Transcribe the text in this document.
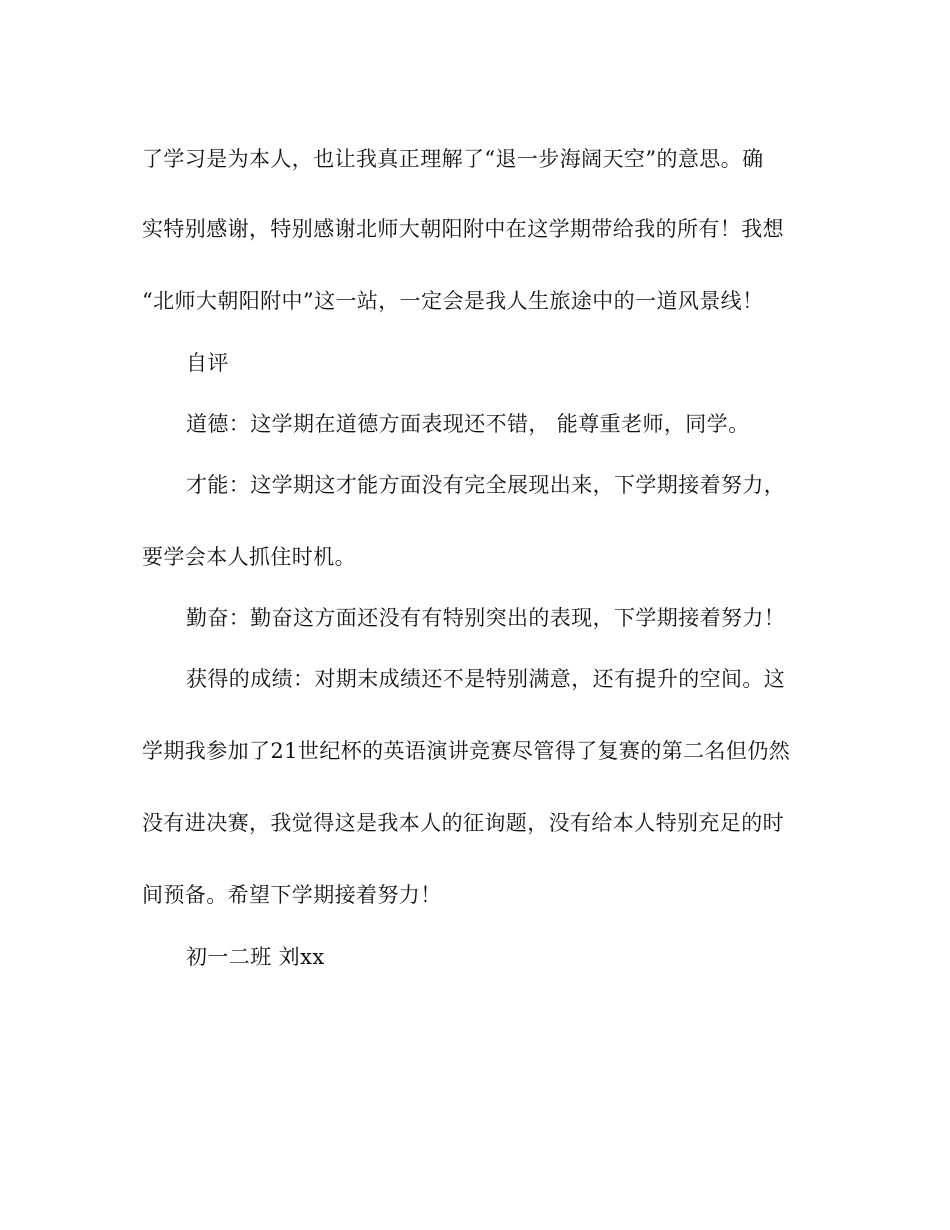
了学习是为本人，也让我真正理解了“退一步海阔天空”的意思。确
实特别感谢，特别感谢北师大朝阳附中在这学期带给我的所有！我想
“北师大朝阳附中”这一站，一定会是我人生旅途中的一道风景线！
自评
道德：这学期在道德方面表现还不错， 能尊重老师，同学。
才能：这学期这才能方面没有完全展现出来，下学期接着努力，
要学会本人抓住时机。
勤奋：勤奋这方面还没有有特别突出的表现，下学期接着努力！
获得的成绩：对期末成绩还不是特别满意，还有提升的空间。这
学期我参加了21世纪杯的英语演讲竞赛尽管得了复赛的第二名但仍然
没有进决赛，我觉得这是我本人的征询题，没有给本人特别充足的时
间预备。希望下学期接着努力！
初一二班 刘xx
